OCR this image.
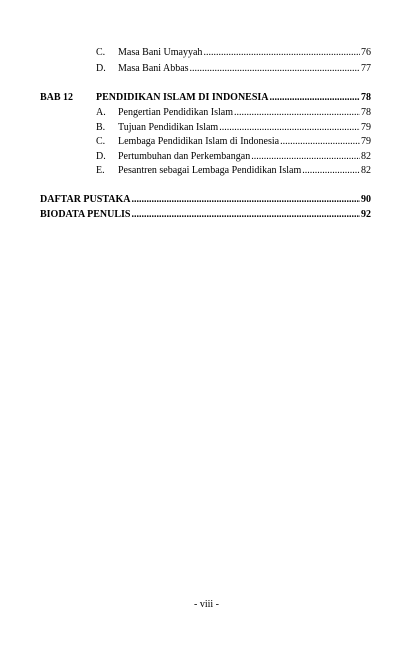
C. Masa Bani Umayyah .....	76
D. Masa Bani Abbas .....	77
BAB 12 PENDIDIKAN ISLAM DI INDONESIA .....	78
A. Pengertian Pendidikan Islam .....	78
B. Tujuan Pendidikan Islam .....	79
C. Lembaga Pendidikan Islam di Indonesia .....	79
D. Pertumbuhan dan Perkembangan .....	82
E. Pesantren sebagai Lembaga Pendidikan Islam .....	82
DAFTAR PUSTAKA .....	90
BIODATA PENULIS .....	92
- viii -
